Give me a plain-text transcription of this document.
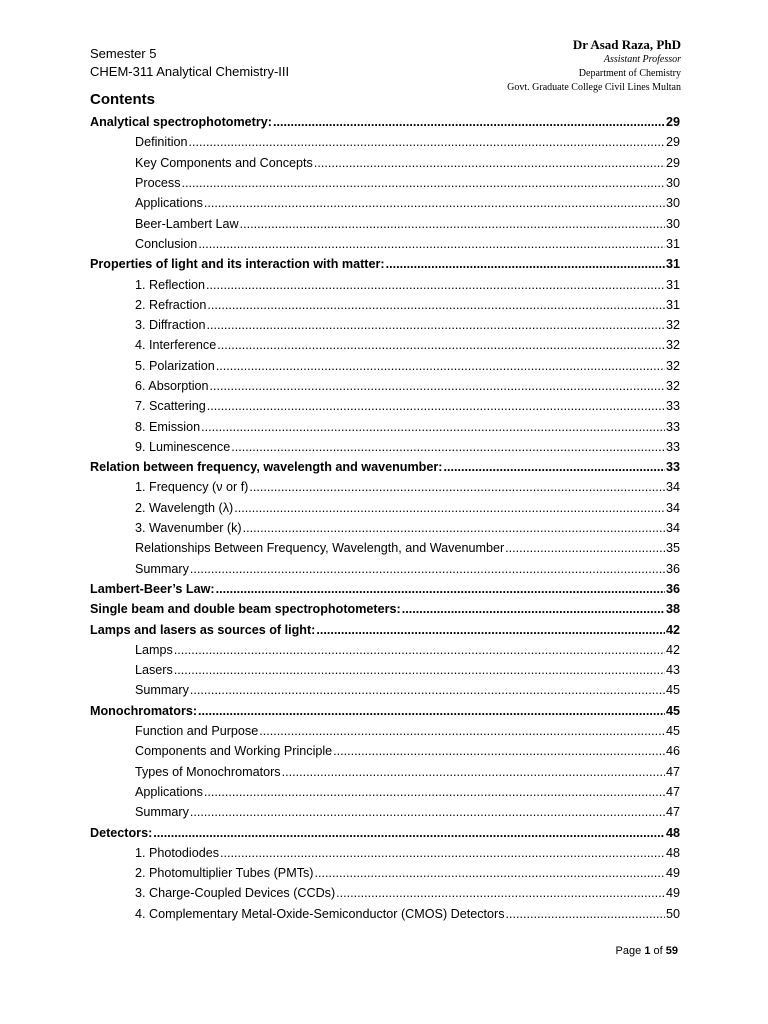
Semester 5
CHEM-311 Analytical Chemistry-III
Dr Asad Raza, PhD
Assistant Professor
Department of Chemistry
Govt. Graduate College Civil Lines Multan
Contents
Analytical spectrophotometry: .....	29
Definition .....	29
Key Components and Concepts .....	29
Process .....	30
Applications .....	30
Beer-Lambert Law .....	30
Conclusion .....	31
Properties of light and its interaction with matter: .....	31
1. Reflection .....	31
2. Refraction .....	31
3. Diffraction .....	32
4. Interference .....	32
5. Polarization .....	32
6. Absorption .....	32
7. Scattering .....	33
8. Emission .....	33
9. Luminescence .....	33
Relation between frequency, wavelength and wavenumber: .....	33
1. Frequency (ν or f) .....	34
2. Wavelength (λ) .....	34
3. Wavenumber (k) .....	34
Relationships Between Frequency, Wavelength, and Wavenumber .....	35
Summary .....	36
Lambert-Beer’s Law: .....	36
Single beam and double beam spectrophotometers: .....	38
Lamps and lasers as sources of light: .....	42
Lamps .....	42
Lasers .....	43
Summary .....	45
Monochromators: .....	45
Function and Purpose .....	45
Components and Working Principle .....	46
Types of Monochromators .....	47
Applications .....	47
Summary .....	47
Detectors: .....	48
1. Photodiodes .....	48
2. Photomultiplier Tubes (PMTs) .....	49
3. Charge-Coupled Devices (CCDs) .....	49
4. Complementary Metal-Oxide-Semiconductor (CMOS) Detectors .....	50
Page 1 of 59
